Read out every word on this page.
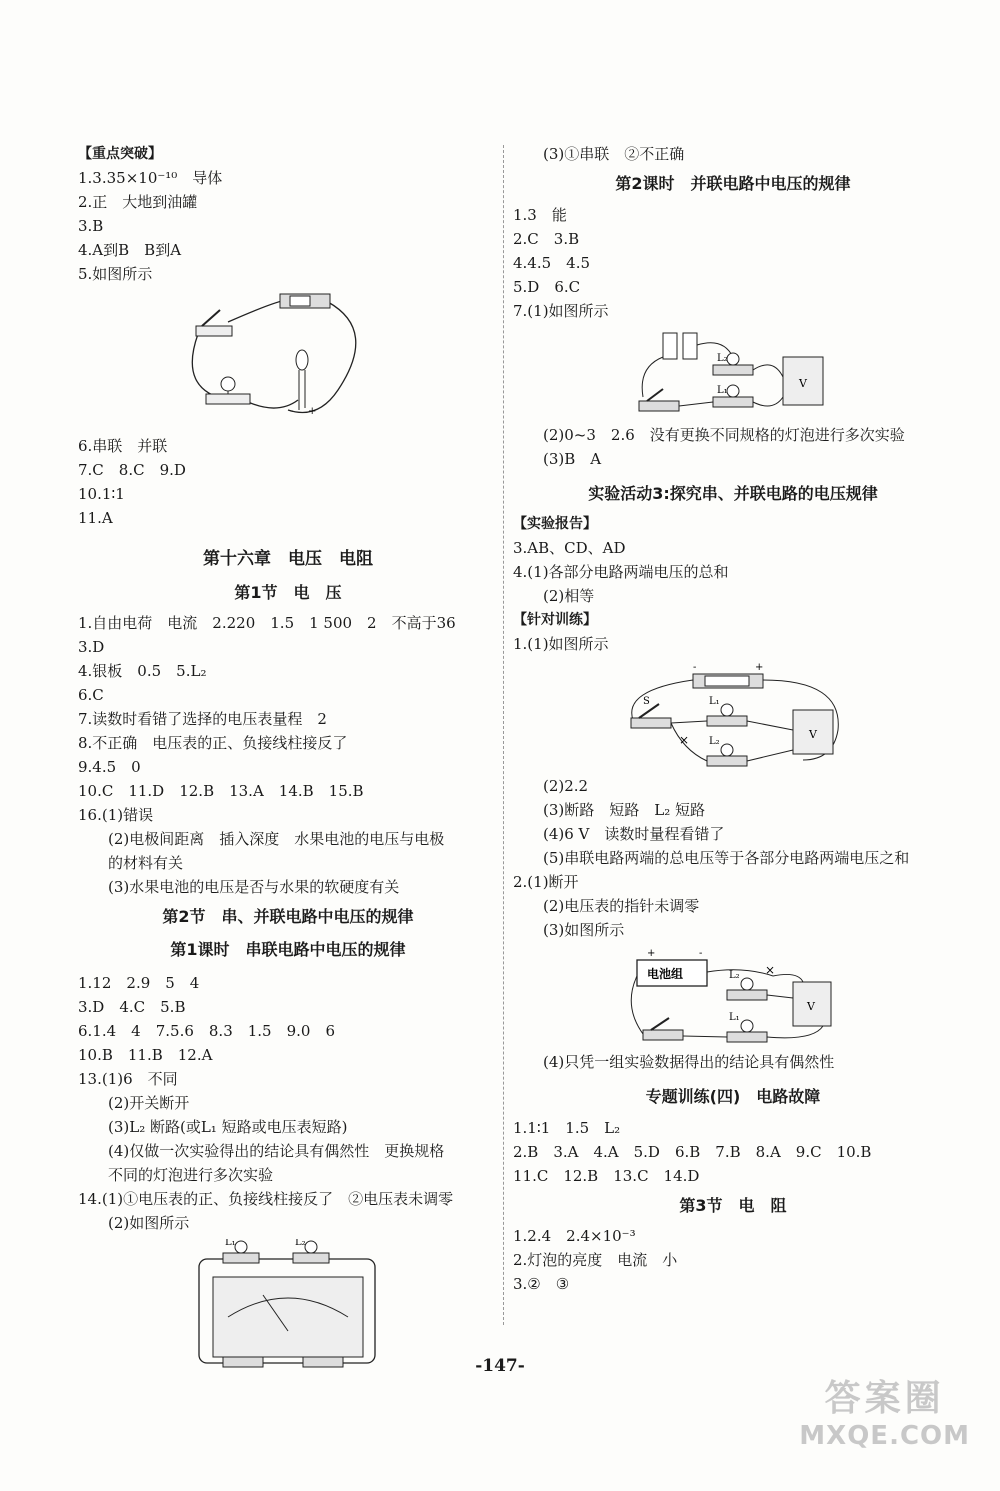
【重点突破】
1.3.35×10⁻¹⁰　导体
2.正　大地到油罐
3.B
4.A到B　B到A
5.如图所示
- +
6.串联　并联
7.C　8.C　9.D
10.1∶1
11.A
第十六章　电压　电阻
第1节　电　压
1.自由电荷　电流　2.220　1.5　1 500　2　不高于36
3.D
4.银板　0.5　5.L₂
6.C
7.读数时看错了选择的电压表量程　2
8.不正确　电压表的正、负接线柱接反了
9.4.5　0
10.C　11.D　12.B　13.A　14.B　15.B
16.(1)错误
(2)电极间距离　插入深度　水果电池的电压与电极
的材料有关
(3)水果电池的电压是否与水果的软硬度有关
第2节　串、并联电路中电压的规律
第1课时　串联电路中电压的规律
1.12　2.9　5　4
3.D　4.C　5.B
6.1.4　4　7.5.6　8.3　1.5　9.0　6
10.B　11.B　12.A
13.(1)6　不同
(2)开关断开
(3)L₂ 断路(或L₁ 短路或电压表短路)
(4)仅做一次实验得出的结论具有偶然性　更换规格
不同的灯泡进行多次实验
14.(1)①电压表的正、负接线柱接反了　②电压表未调零
(2)如图所示
L₁	L₂
(3)①串联　②不正确
第2课时　并联电路中电压的规律
1.3　能
2.C　3.B
4.4.5　4.5
5.D　6.C
7.(1)如图所示
L₂
L₁
V
(2)0~3　2.6　没有更换不同规格的灯泡进行多次实验
(3)B　A
实验活动3:探究串、并联电路的电压规律
【实验报告】
3.AB、CD、AD
4.(1)各部分电路两端电压的总和
(2)相等
【针对训练】
1.(1)如图所示
-	+
S	L₁
L₂
V
×
(2)2.2
(3)断路　短路　L₂ 短路
(4)6 V　读数时量程看错了
(5)串联电路两端的总电压等于各部分电路两端电压之和
2.(1)断开
(2)电压表的指针未调零
(3)如图所示
+	-
电池组	L₂
L₁
V
×
(4)只凭一组实验数据得出的结论具有偶然性
专题训练(四)　电路故障
1.1∶1　1.5　L₂
2.B　3.A　4.A　5.D　6.B　7.B　8.A　9.C　10.B
11.C　12.B　13.C　14.D
第3节　电　阻
1.2.4　2.4×10⁻³
2.灯泡的亮度　电流　小
3.②　③
-147-
答案圈
MXQE.COM
